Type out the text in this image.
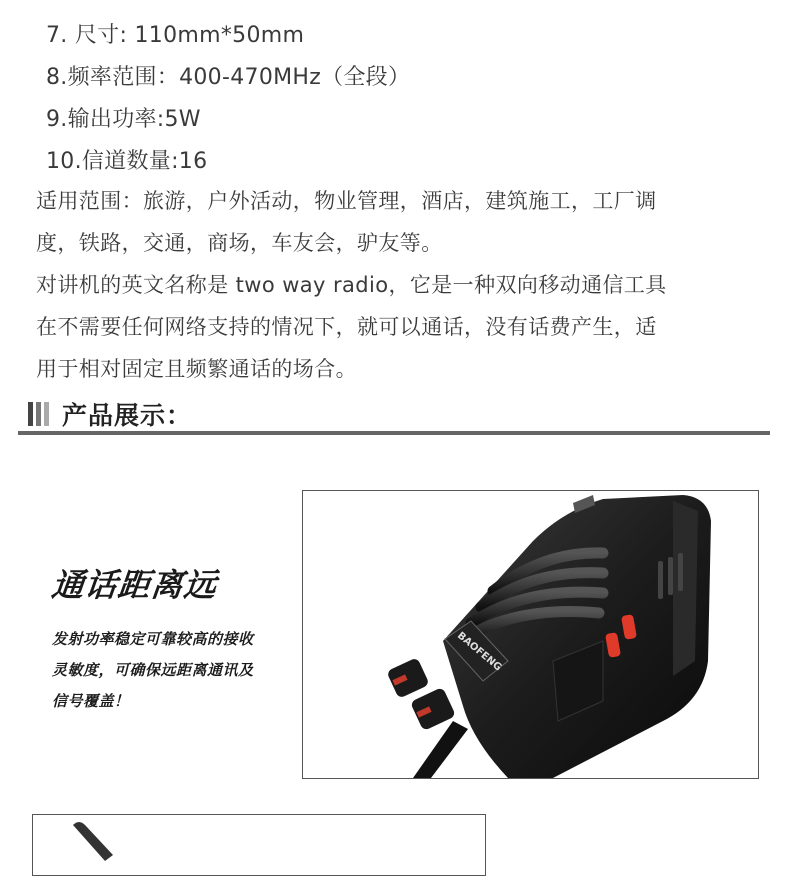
7. 尺寸: 110mm*50mm
8.频率范围：400-470MHz（全段）
9.输出功率:5W
10.信道数量:16
适用范围：旅游，户外活动，物业管理，酒店，建筑施工，工厂调
度，铁路，交通，商场，车友会，驴友等。
对讲机的英文名称是 two way radio，它是一种双向移动通信工具
在不需要任何网络支持的情况下，就可以通话，没有话费产生，适
用于相对固定且频繁通话的场合。
产品展示：
通话距离远
发射功率稳定可靠较高的接收
灵敏度，可确保远距离通讯及
信号覆盖！
BAOFENG
